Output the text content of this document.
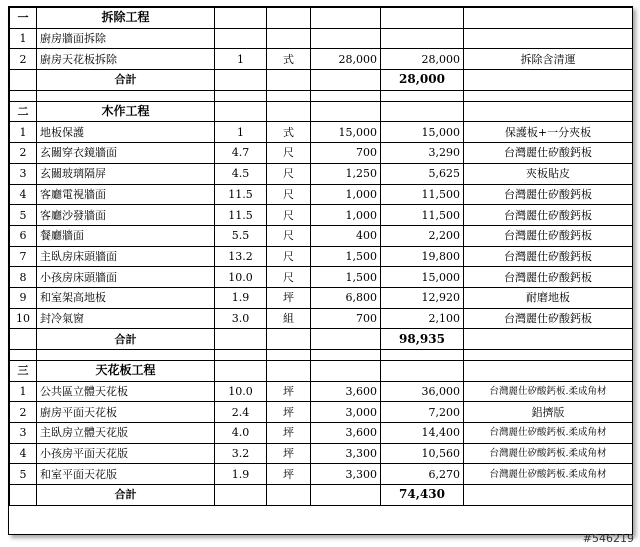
一	拆除工程					
1	廚房牆面拆除					
2	廚房天花板拆除	1	式	28,000	28,000	拆除含清運
	合計				28,000	

二	木作工程					
1	地板保護	1	式	15,000	15,000	保護板+一分夾板
2	玄關穿衣鏡牆面	4.7	尺	700	3,290	台灣麗仕矽酸鈣板
3	玄關玻璃隔屏	4.5	尺	1,250	5,625	夾板貼皮
4	客廳電視牆面	11.5	尺	1,000	11,500	台灣麗仕矽酸鈣板
5	客廳沙發牆面	11.5	尺	1,000	11,500	台灣麗仕矽酸鈣板
6	餐廳牆面	5.5	尺	400	2,200	台灣麗仕矽酸鈣板
7	主臥房床頭牆面	13.2	尺	1,500	19,800	台灣麗仕矽酸鈣板
8	小孩房床頭牆面	10.0	尺	1,500	15,000	台灣麗仕矽酸鈣板
9	和室架高地板	1.9	坪	6,800	12,920	耐磨地板
10	封冷氣窗	3.0	組	700	2,100	台灣麗仕矽酸鈣板
	合計				98,935	

三	天花板工程					
1	公共區立體天花板	10.0	坪	3,600	36,000	台灣麗仕矽酸鈣板.柔成角材
2	廚房平面天花板	2.4	坪	3,000	7,200	鋁擠版
3	主臥房立體天花版	4.0	坪	3,600	14,400	台灣麗仕矽酸鈣板.柔成角材
4	小孩房平面天花版	3.2	坪	3,300	10,560	台灣麗仕矽酸鈣板.柔成角材
5	和室平面天花版	1.9	坪	3,300	6,270	台灣麗仕矽酸鈣板.柔成角材
	合計				74,430	
#546219
